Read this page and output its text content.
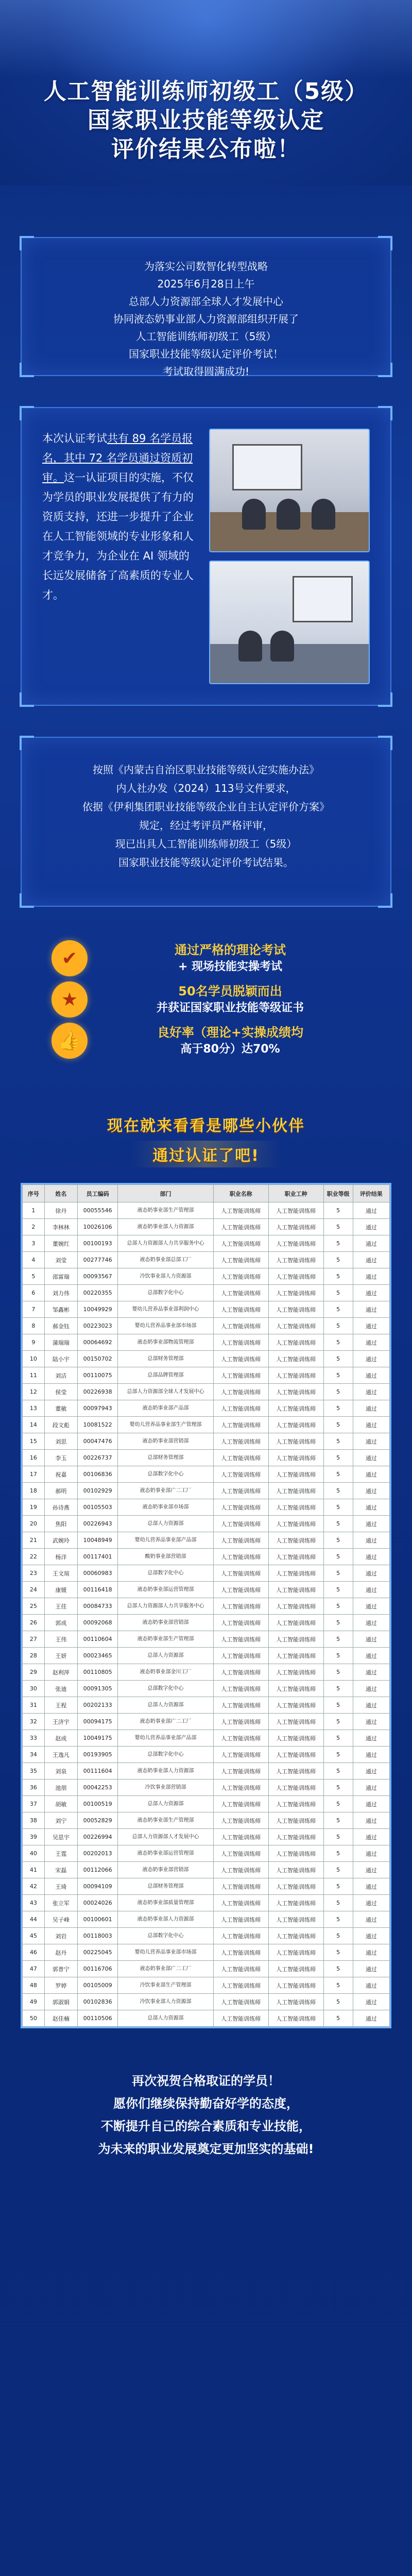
人工智能训练师初级工（5级）
国家职业技能等级认定
评价结果公布啦！

为落实公司数智化转型战略

2025年6月28日上午

总部人力资源部全球人才发展中心

协同液态奶事业部人力资源部组织开展了

人工智能训练师初级工（5级）

国家职业技能等级认定评价考试！

考试取得圆满成功!

本次认证考试共有 89 名学员报名，其中 72 名学员通过资质初审。这一认证项目的实施，不仅为学员的职业发展提供了有力的资质支持，还进一步提升了企业在人工智能领域的专业形象和人才竞争力，为企业在 AI 领域的长远发展储备了高素质的专业人才。

按照《内蒙古自治区职业技能等级认定实施办法》

内人社办发（2024）113号文件要求，

依据《伊利集团职业技能等级企业自主认定评价方案》

规定，经过考评员严格评审，

现已出具人工智能训练师初级工（5级）

国家职业技能等级认定评价考试结果。

✔	通过严格的理论考试
+ 现场技能实操考试
★	50名学员脱颖而出
并获证国家职业技能等级证书
👍	良好率（理论+实操成绩均
高于80分）达70%
现在就来看看是哪些小伙伴
通过认证了吧!
序号	姓名	员工编码	部门	职业名称	职业工种	职业等级	评价结果
1	徐丹	00055546	液态奶事业部生产管理部	人工智能训练师	人工智能训练师	5	通过
2	李林林	10026106	液态奶事业部人力资源部	人工智能训练师	人工智能训练师	5	通过
3	董婉红	00100193	总部人力资源部人力共享服务中心	人工智能训练师	人工智能训练师	5	通过
4	刘莹	00277746	液态奶事业部总部工厂	人工智能训练师	人工智能训练师	5	通过
5	邵富瑞	00093567	冷饮事业部人力资源部	人工智能训练师	人工智能训练师	5	通过
6	刘力伟	00220355	总部数字化中心	人工智能训练师	人工智能训练师	5	通过
7	邹鑫彬	10049929	婴幼儿营养品事业部利润中心	人工智能训练师	人工智能训练师	5	通过
8	郝金钰	00223023	婴幼儿营养品事业部市场部	人工智能训练师	人工智能训练师	5	通过
9	蒲瑞瑞	00064692	液态奶事业部物流管理部	人工智能训练师	人工智能训练师	5	通过
10	陆小宇	00150702	总部财务管理部	人工智能训练师	人工智能训练师	5	通过
11	刘洁	00110075	总部品牌管理部	人工智能训练师	人工智能训练师	5	通过
12	侯莹	00226938	总部人力资源部全球人才发展中心	人工智能训练师	人工智能训练师	5	通过
13	董敏	00097943	液态奶事业部产品部	人工智能训练师	人工智能训练师	5	通过
14	段文彪	10081522	婴幼儿营养品事业部生产管理部	人工智能训练师	人工智能训练师	5	通过
15	刘思	00047476	液态奶事业部营销部	人工智能训练师	人工智能训练师	5	通过
16	李玉	00226737	总部财务管理部	人工智能训练师	人工智能训练师	5	通过
17	祝嘉	00106836	总部数字化中心	人工智能训练师	人工智能训练师	5	通过
18	郝明	00102929	液态奶事业部广二工厂	人工智能训练师	人工智能训练师	5	通过
19	孙诗燕	00105503	液态奶事业部市场部	人工智能训练师	人工智能训练师	5	通过
20	焦阳	00226943	总部人力资源部	人工智能训练师	人工智能训练师	5	通过
21	武婉玲	10048949	婴幼儿营养品事业部产品部	人工智能训练师	人工智能训练师	5	通过
22	杨洋	00117401	酸奶事业部营销部	人工智能训练师	人工智能训练师	5	通过
23	王文瑄	00060983	总部数字化中心	人工智能训练师	人工智能训练师	5	通过
24	康媛	00116418	液态奶事业部运营管理部	人工智能训练师	人工智能训练师	5	通过
25	王佳	00084733	总部人力资源部人力共享服务中心	人工智能训练师	人工智能训练师	5	通过
26	郭成	00092068	液态奶事业部营销部	人工智能训练师	人工智能训练师	5	通过
27	王伟	00110604	液态奶事业部生产管理部	人工智能训练师	人工智能训练师	5	通过
28	王妍	00023465	总部人力资源部	人工智能训练师	人工智能训练师	5	通过
29	赵利萍	00110805	液态奶事业部金川工厂	人工智能训练师	人工智能训练师	5	通过
30	张迪	00091305	总部数字化中心	人工智能训练师	人工智能训练师	5	通过
31	王程	00202133	总部人力资源部	人工智能训练师	人工智能训练师	5	通过
32	王济宇	00094175	液态奶事业部广二工厂	人工智能训练师	人工智能训练师	5	通过
33	赵成	10049175	婴幼儿营养品事业部产品部	人工智能训练师	人工智能训练师	5	通过
34	王逸凡	00193905	总部数字化中心	人工智能训练师	人工智能训练师	5	通过
35	刘泉	00111604	液态奶事业部人力资源部	人工智能训练师	人工智能训练师	5	通过
36	池朋	00042253	冷饮事业部营销部	人工智能训练师	人工智能训练师	5	通过
37	胡敏	00100519	总部人力资源部	人工智能训练师	人工智能训练师	5	通过
38	刘宁	00052829	液态奶事业部生产管理部	人工智能训练师	人工智能训练师	5	通过
39	吴思宇	00226994	总部人力资源部人才发展中心	人工智能训练师	人工智能训练师	5	通过
40	王霆	00202013	液态奶事业部运营管理部	人工智能训练师	人工智能训练师	5	通过
41	宋磊	00112066	液态奶事业部营销部	人工智能训练师	人工智能训练师	5	通过
42	王琦	00094109	总部财务管理部	人工智能训练师	人工智能训练师	5	通过
43	张立军	00024026	液态奶事业部质量管理部	人工智能训练师	人工智能训练师	5	通过
44	吴子峰	00100601	液态奶事业部人力资源部	人工智能训练师	人工智能训练师	5	通过
45	刘岩	00118003	总部数字化中心	人工智能训练师	人工智能训练师	5	通过
46	赵丹	00225045	婴幼儿营养品事业部市场部	人工智能训练师	人工智能训练师	5	通过
47	郭普宁	00116706	液态奶事业部广二工厂	人工智能训练师	人工智能训练师	5	通过
48	罗婷	00105009	冷饮事业部生产管理部	人工智能训练师	人工智能训练师	5	通过
49	郭淑娟	00102836	冷饮事业部人力资源部	人工智能训练师	人工智能训练师	5	通过
50	赵佳楠	00110506	总部人力资源部	人工智能训练师	人工智能训练师	5	通过

再次祝贺合格取证的学员！

愿你们继续保持勤奋好学的态度，

不断提升自己的综合素质和专业技能，

为未来的职业发展奠定更加坚实的基础!
